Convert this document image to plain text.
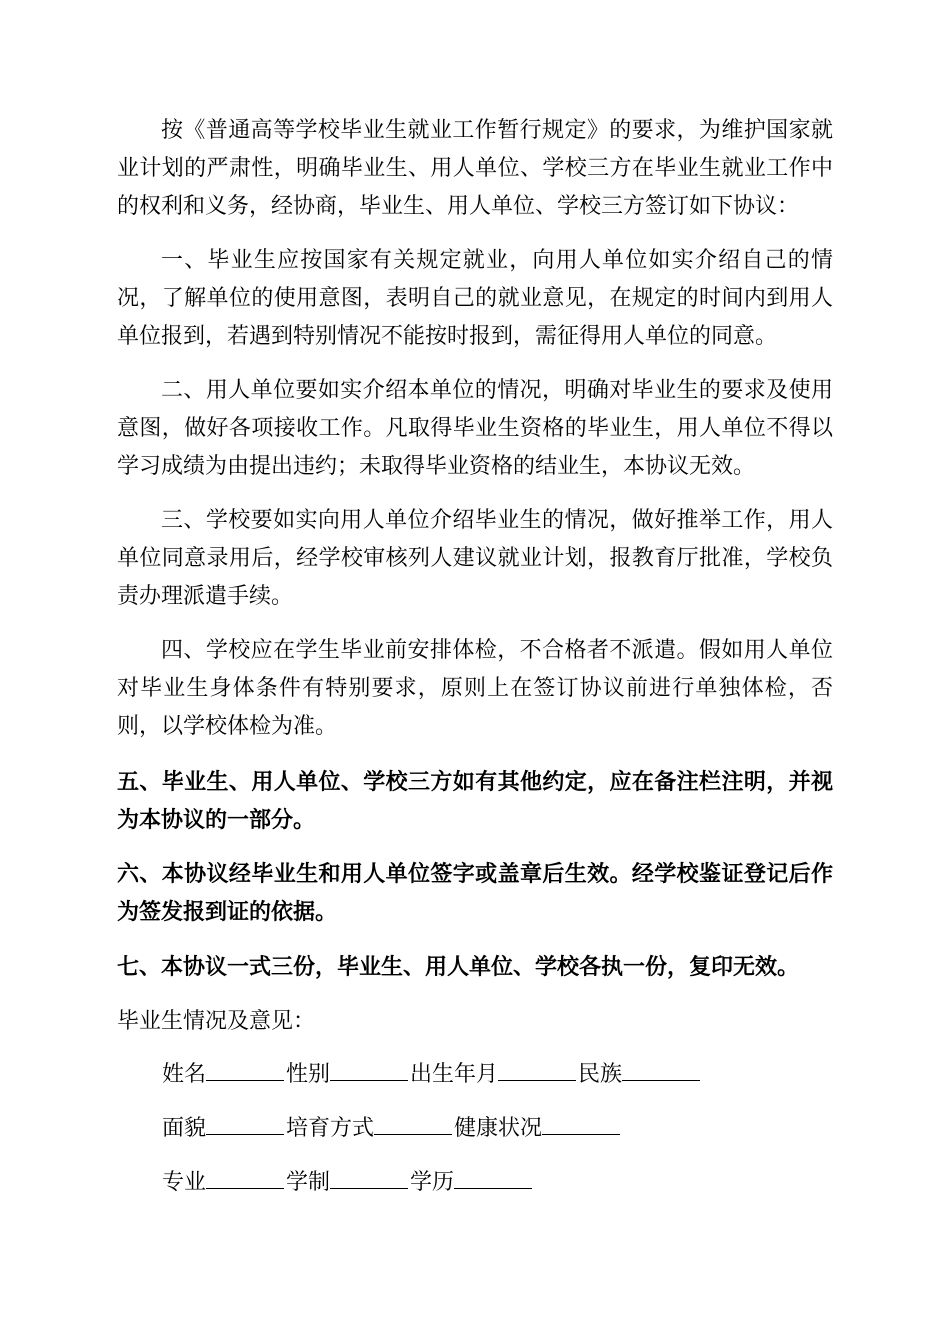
按《普通高等学校毕业生就业工作暂行规定》的要求，为维护国家就业计划的严肃性，明确毕业生、用人单位、学校三方在毕业生就业工作中的权利和义务，经协商，毕业生、用人单位、学校三方签订如下协议：

一、毕业生应按国家有关规定就业，向用人单位如实介绍自己的情况，了解单位的使用意图，表明自己的就业意见，在规定的时间内到用人单位报到，若遇到特别情况不能按时报到，需征得用人单位的同意。

二、用人单位要如实介绍本单位的情况，明确对毕业生的要求及使用意图，做好各项接收工作。凡取得毕业生资格的毕业生，用人单位不得以学习成绩为由提出违约；未取得毕业资格的结业生，本协议无效。

三、学校要如实向用人单位介绍毕业生的情况，做好推举工作，用人单位同意录用后，经学校审核列人建议就业计划，报教育厅批准，学校负责办理派遣手续。

四、学校应在学生毕业前安排体检，不合格者不派遣。假如用人单位对毕业生身体条件有特别要求，原则上在签订协议前进行单独体检，否则，以学校体检为准。

五、毕业生、用人单位、学校三方如有其他约定，应在备注栏注明，并视为本协议的一部分。

六、本协议经毕业生和用人单位签字或盖章后生效。经学校鉴证登记后作为签发报到证的依据。

七、本协议一式三份，毕业生、用人单位、学校各执一份，复印无效。

毕业生情况及意见：

姓名	性别	出生年月	民族
面貌	培育方式	健康状况
专业	学制	学历
